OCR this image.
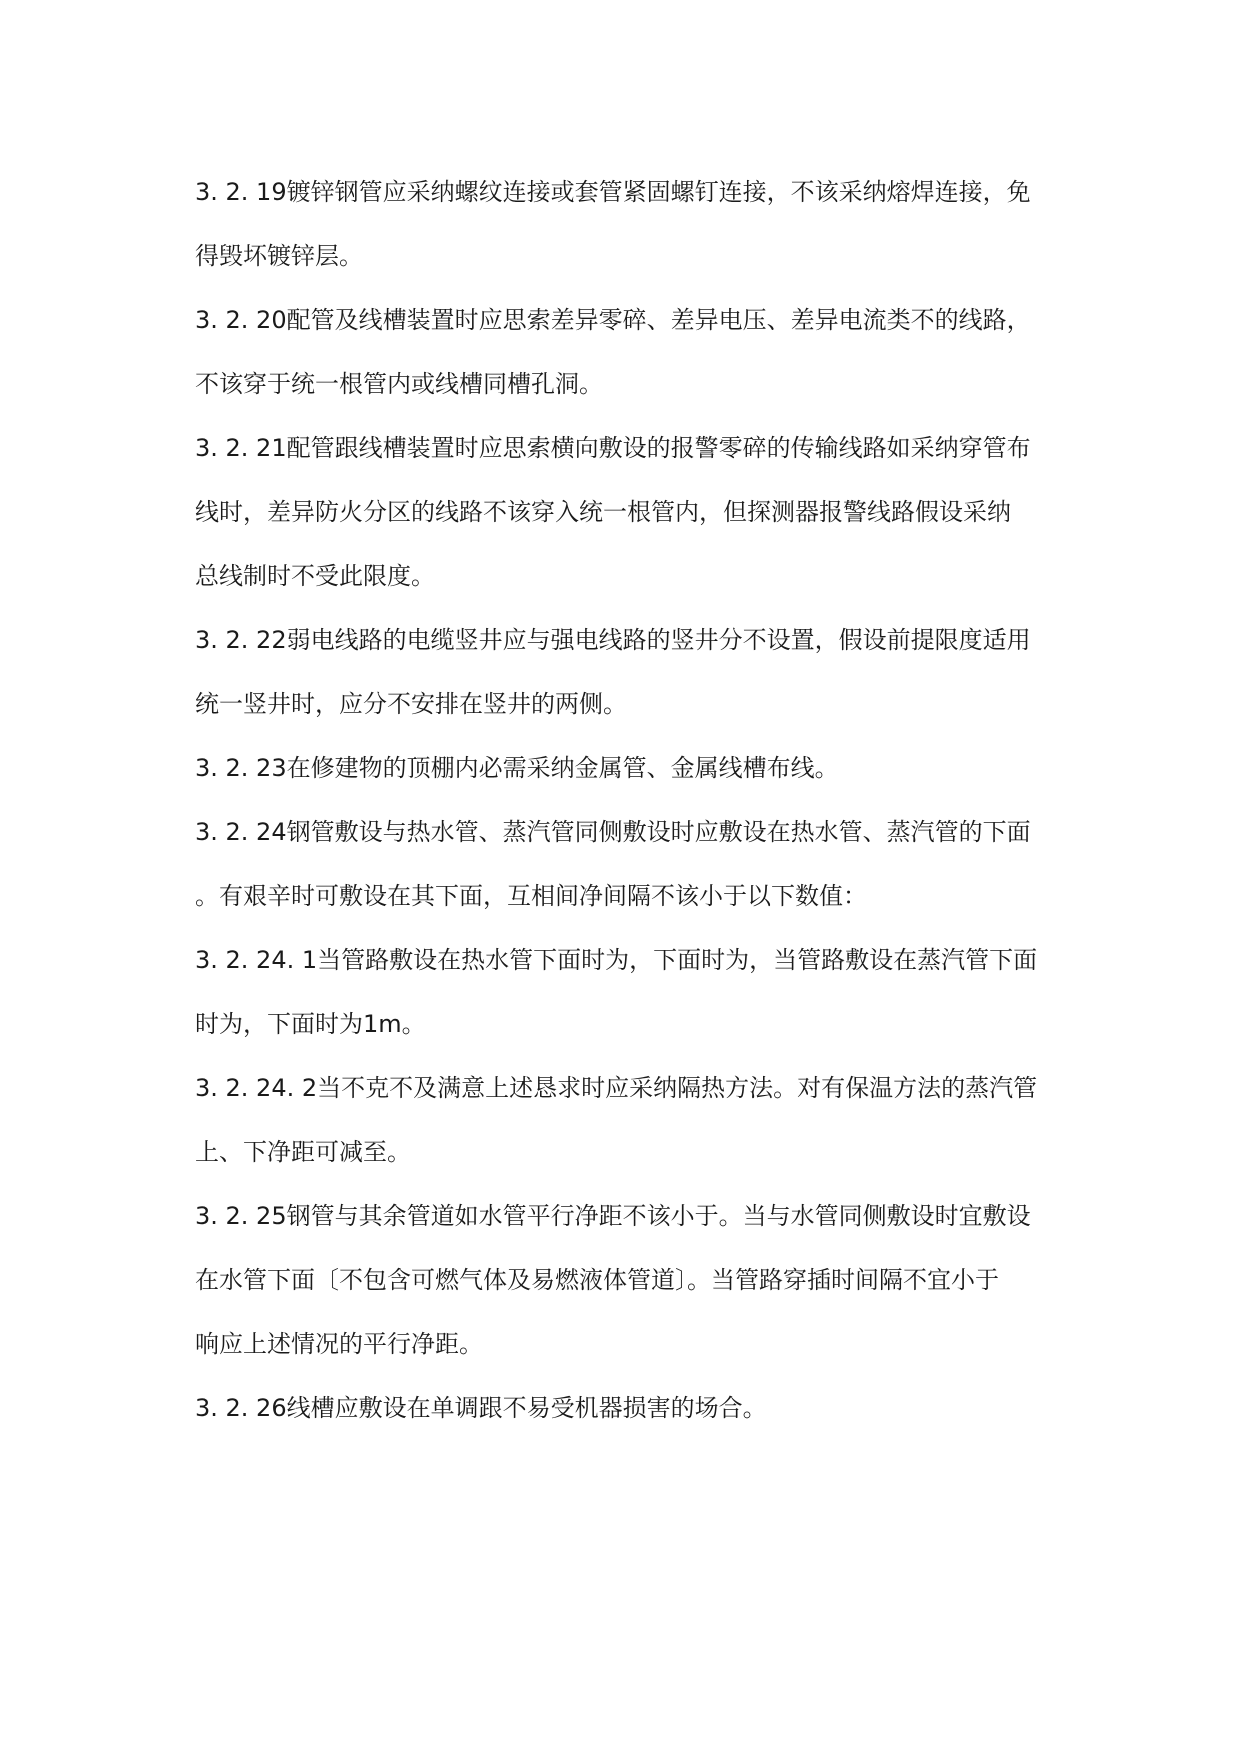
3. 2. 19镀锌钢管应采纳螺纹连接或套管紧固螺钉连接，不该采纳熔焊连接，免
得毁坏镀锌层。
3. 2. 20配管及线槽装置时应思索差异零碎、差异电压、差异电流类不的线路，
不该穿于统一根管内或线槽同槽孔洞。
3. 2. 21配管跟线槽装置时应思索横向敷设的报警零碎的传输线路如采纳穿管布
线时，差异防火分区的线路不该穿入统一根管内，但探测器报警线路假设采纳
总线制时不受此限度。
3. 2. 22弱电线路的电缆竖井应与强电线路的竖井分不设置，假设前提限度适用
统一竖井时，应分不安排在竖井的两侧。
3. 2. 23在修建物的顶棚内必需采纳金属管、金属线槽布线。
3. 2. 24钢管敷设与热水管、蒸汽管同侧敷设时应敷设在热水管、蒸汽管的下面
。有艰辛时可敷设在其下面，互相间净间隔不该小于以下数值：
3. 2. 24. 1当管路敷设在热水管下面时为，下面时为，当管路敷设在蒸汽管下面
时为，下面时为1m。
3. 2. 24. 2当不克不及满意上述恳求时应采纳隔热方法。对有保温方法的蒸汽管
上、下净距可减至。
3. 2. 25钢管与其余管道如水管平行净距不该小于。当与水管同侧敷设时宜敷设
在水管下面〔不包含可燃气体及易燃液体管道〕。当管路穿插时间隔不宜小于
响应上述情况的平行净距。
3. 2. 26线槽应敷设在单调跟不易受机器损害的场合。
